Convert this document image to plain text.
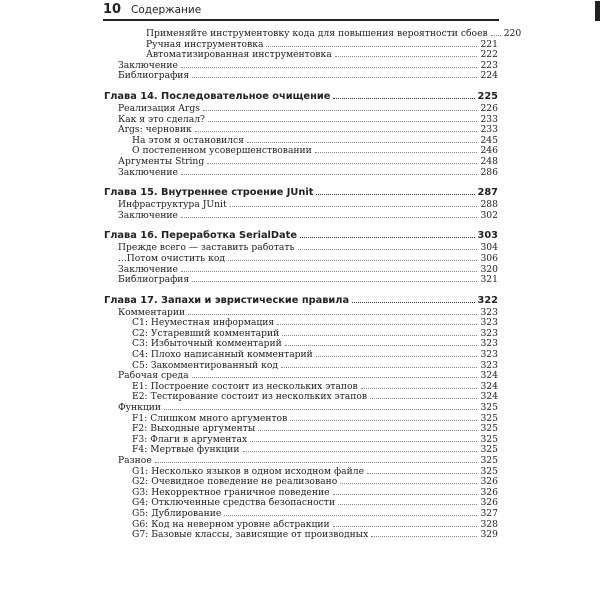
10 Содержание
Применяйте инструментовку кода для повышения вероятности сбоев 220
Ручная инструментовка	221
Автоматизированная инструментовка	222
Заключение	223
Библиография	224
Глава 14. Последовательное очищение	225
Реализация Args	226
Как я это сделал?	233
Args: черновик	233
На этом я остановился	245
О постепенном усовершенствовании	246
Аргументы String	248
Заключение	286
Глава 15. Внутреннее строение JUnit	287
Инфраструктура JUnit	288
Заключение	302
Глава 16. Переработка SerialDate	303
Прежде всего — заставить работать	304
...Потом очистить код	306
Заключение	320
Библиография	321
Глава 17. Запахи и эвристические правила	322
Комментарии	323
C1: Неуместная информация	323
C2: Устаревший комментарий	323
C3: Избыточный комментарий	323
C4: Плохо написанный комментарий	323
C5: Закомментированный код	323
Рабочая среда	324
E1: Построение состоит из нескольких этапов	324
E2: Тестирование состоит из нескольких этапов	324
Функции	325
F1: Слишком много аргументов	325
F2: Выходные аргументы	325
F3: Флаги в аргументах	325
F4: Мертвые функции	325
Разное	325
G1: Несколько языков в одном исходном файле	325
G2: Очевидное поведение не реализовано	326
G3: Некорректное граничное поведение	326
G4: Отключенные средства безопасности	326
G5: Дублирование	327
G6: Код на неверном уровне абстракции	328
G7: Базовые классы, зависящие от производных	329
